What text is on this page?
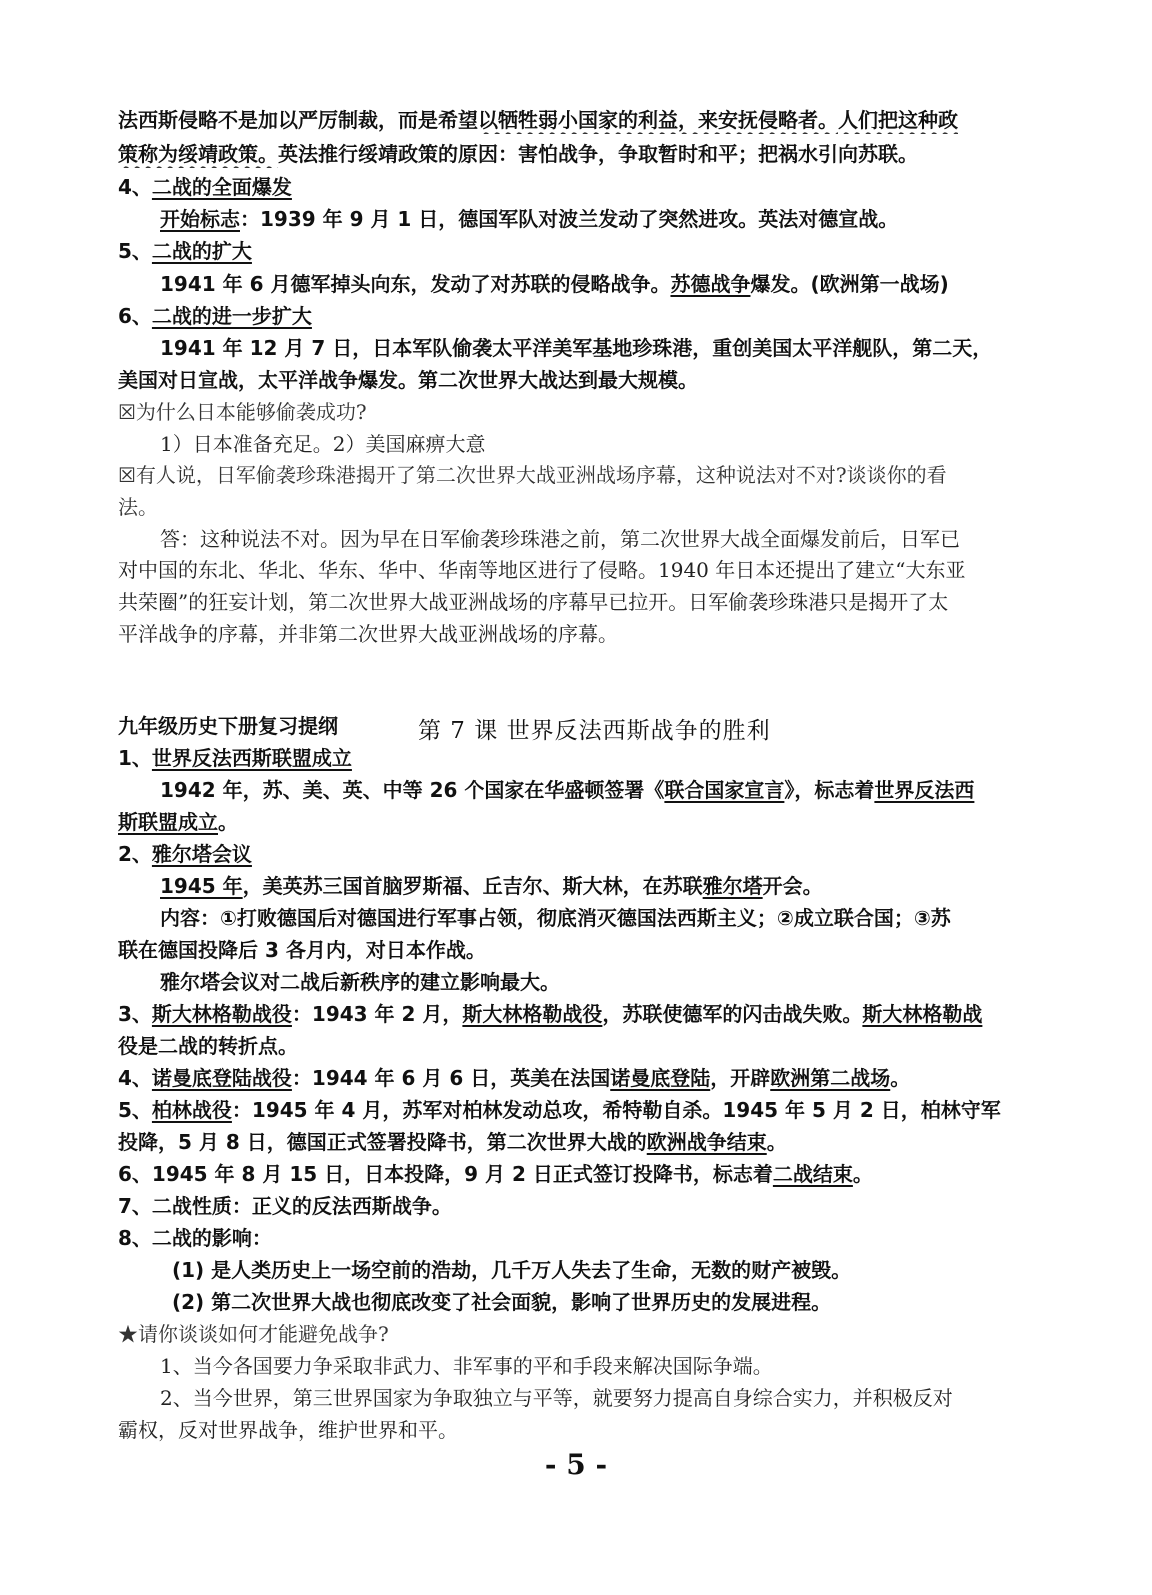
法西斯侵略不是加以严厉制裁，而是希望以牺牲弱小国家的利益，来安抚侵略者。人们把这种政
策称为绥靖政策。英法推行绥靖政策的原因：害怕战争，争取暂时和平；把祸水引向苏联。
4、二战的全面爆发
开始标志：1939 年 9 月 1 日，德国军队对波兰发动了突然进攻。英法对德宣战。
5、二战的扩大
1941 年 6 月德军掉头向东，发动了对苏联的侵略战争。苏德战争爆发。(欧洲第一战场)
6、二战的进一步扩大
1941 年 12 月 7 日，日本军队偷袭太平洋美军基地珍珠港，重创美国太平洋舰队，第二天，
美国对日宣战，太平洋战争爆发。第二次世界大战达到最大规模。
☒为什么日本能够偷袭成功?
1）日本准备充足。2）美国麻痹大意
☒有人说，日军偷袭珍珠港揭开了第二次世界大战亚洲战场序幕，这种说法对不对?谈谈你的看
法。
答：这种说法不对。因为早在日军偷袭珍珠港之前，第二次世界大战全面爆发前后，日军已
对中国的东北、华北、华东、华中、华南等地区进行了侵略。1940 年日本还提出了建立“大东亚
共荣圈”的狂妄计划，第二次世界大战亚洲战场的序幕早已拉开。日军偷袭珍珠港只是揭开了太
平洋战争的序幕，并非第二次世界大战亚洲战场的序幕。
九年级历史下册复习提纲	第 7 课 世界反法西斯战争的胜利
1、世界反法西斯联盟成立
1942 年，苏、美、英、中等 26 个国家在华盛顿签署《联合国家宣言》，标志着世界反法西
斯联盟成立。
2、雅尔塔会议
1945 年，美英苏三国首脑罗斯福、丘吉尔、斯大林，在苏联雅尔塔开会。
内容：①打败德国后对德国进行军事占领，彻底消灭德国法西斯主义；②成立联合国；③苏
联在德国投降后 3 各月内，对日本作战。
雅尔塔会议对二战后新秩序的建立影响最大。
3、斯大林格勒战役：1943 年 2 月，斯大林格勒战役，苏联使德军的闪击战失败。斯大林格勒战
役是二战的转折点。
4、诺曼底登陆战役：1944 年 6 月 6 日，英美在法国诺曼底登陆，开辟欧洲第二战场。
5、柏林战役：1945 年 4 月，苏军对柏林发动总攻，希特勒自杀。1945 年 5 月 2 日，柏林守军
投降，5 月 8 日，德国正式签署投降书，第二次世界大战的欧洲战争结束。
6、1945 年 8 月 15 日，日本投降，9 月 2 日正式签订投降书，标志着二战结束。
7、二战性质：正义的反法西斯战争。
8、二战的影响：
(1) 是人类历史上一场空前的浩劫，几千万人失去了生命，无数的财产被毁。
(2) 第二次世界大战也彻底改变了社会面貌，影响了世界历史的发展进程。
★请你谈谈如何才能避免战争?
1、当今各国要力争采取非武力、非军事的平和手段来解决国际争端。
2、当今世界，第三世界国家为争取独立与平等，就要努力提高自身综合实力，并积极反对
霸权，反对世界战争，维护世界和平。
- 5 -
